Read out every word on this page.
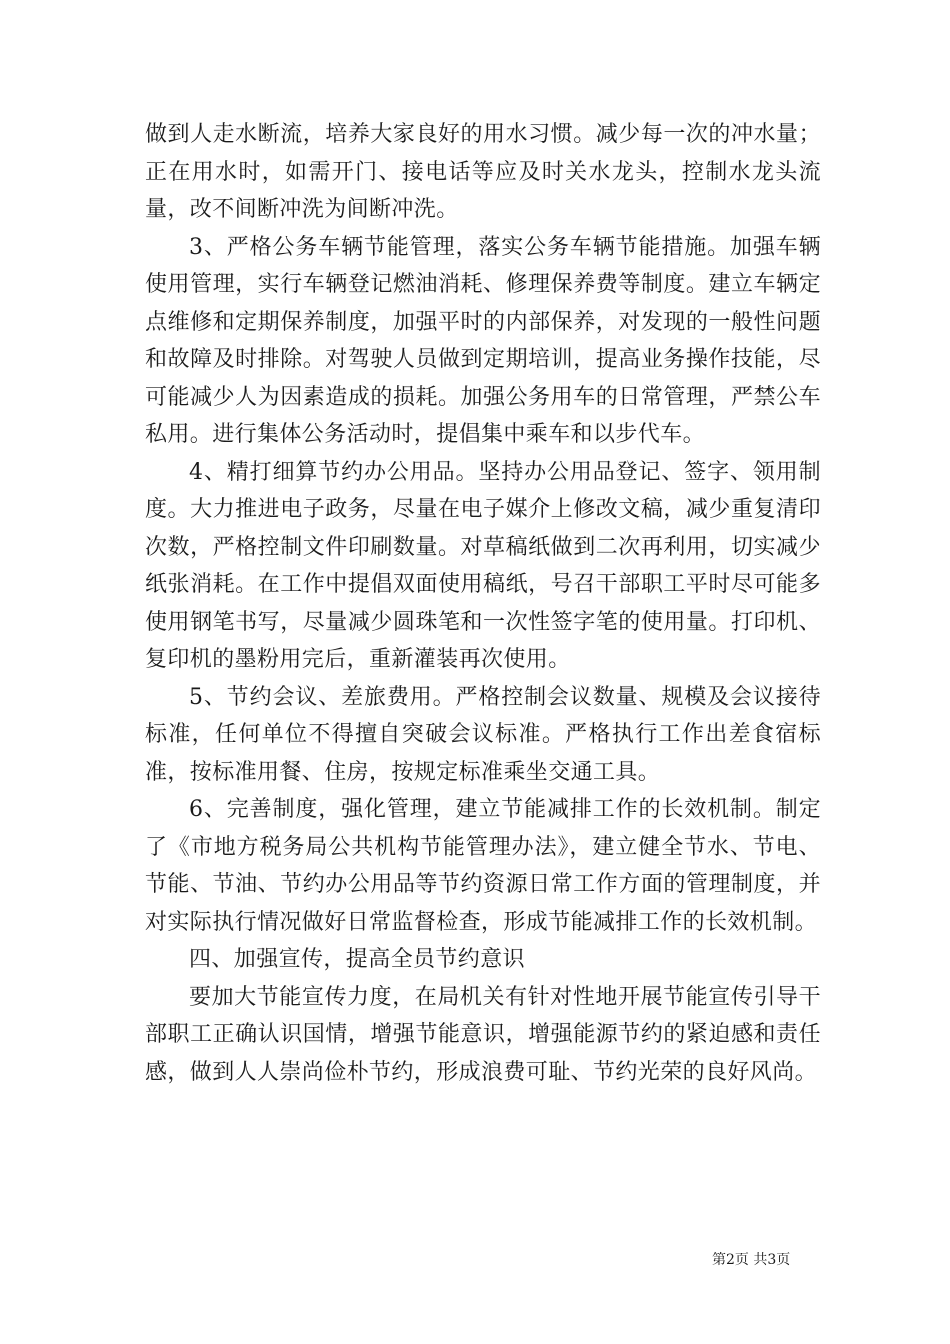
做到人走水断流，培养大家良好的用水习惯。减少每一次的冲水量；正在用水时，如需开门、接电话等应及时关水龙头，控制水龙头流量，改不间断冲洗为间断冲洗。

3、严格公务车辆节能管理，落实公务车辆节能措施。加强车辆使用管理，实行车辆登记燃油消耗、修理保养费等制度。建立车辆定点维修和定期保养制度，加强平时的内部保养，对发现的一般性问题和故障及时排除。对驾驶人员做到定期培训，提高业务操作技能，尽可能减少人为因素造成的损耗。加强公务用车的日常管理，严禁公车私用。进行集体公务活动时，提倡集中乘车和以步代车。

4、精打细算节约办公用品。坚持办公用品登记、签字、领用制度。大力推进电子政务，尽量在电子媒介上修改文稿，减少重复清印次数，严格控制文件印刷数量。对草稿纸做到二次再利用，切实减少纸张消耗。在工作中提倡双面使用稿纸，号召干部职工平时尽可能多使用钢笔书写，尽量减少圆珠笔和一次性签字笔的使用量。打印机、复印机的墨粉用完后，重新灌装再次使用。

5、节约会议、差旅费用。严格控制会议数量、规模及会议接待标准，任何单位不得擅自突破会议标准。严格执行工作出差食宿标准，按标准用餐、住房，按规定标准乘坐交通工具。

6、完善制度，强化管理，建立节能减排工作的长效机制。制定了《市地方税务局公共机构节能管理办法》，建立健全节水、节电、节能、节油、节约办公用品等节约资源日常工作方面的管理制度，并对实际执行情况做好日常监督检查，形成节能减排工作的长效机制。

四、加强宣传，提高全员节约意识

要加大节能宣传力度，在局机关有针对性地开展节能宣传引导干部职工正确认识国情，增强节能意识，增强能源节约的紧迫感和责任感，做到人人崇尚俭朴节约，形成浪费可耻、节约光荣的良好风尚。

第2页 共3页
